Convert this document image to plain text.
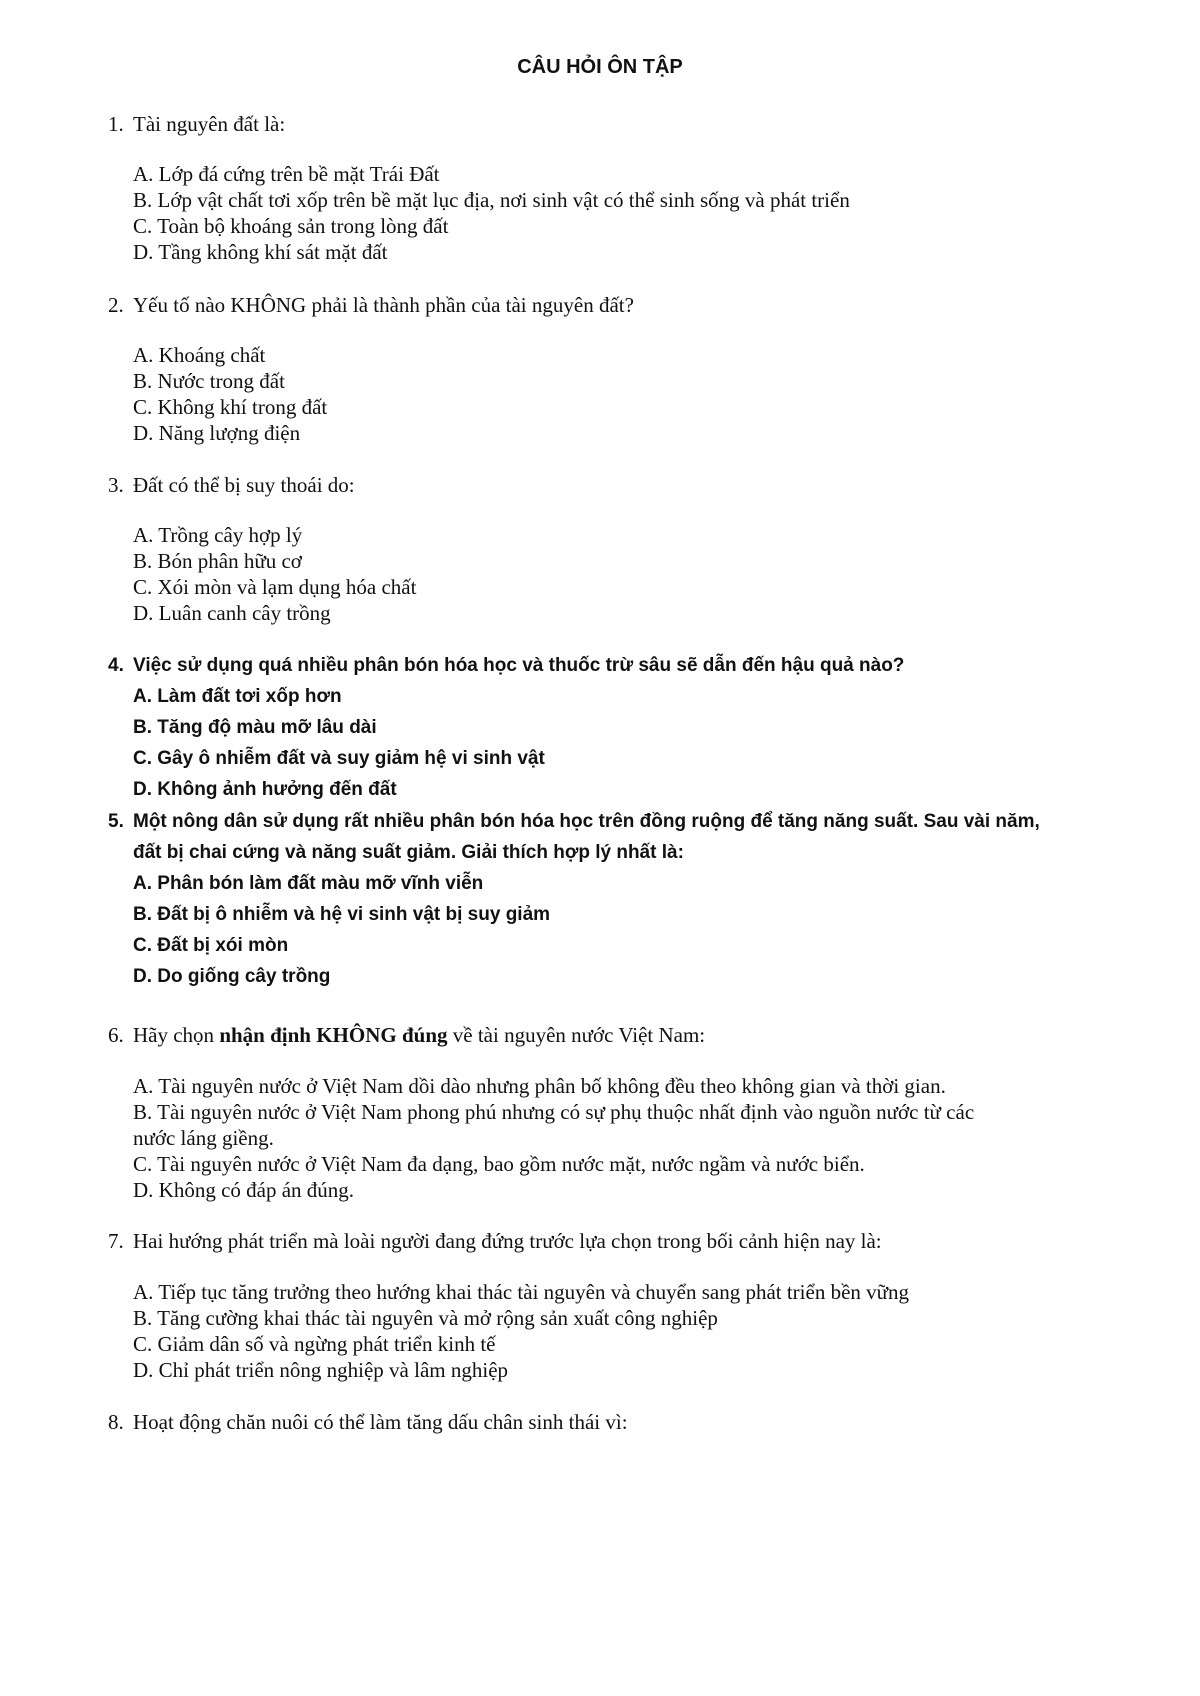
CÂU HỎI ÔN TẬP
1. Tài nguyên đất là:
A. Lớp đá cứng trên bề mặt Trái Đất
B. Lớp vật chất tơi xốp trên bề mặt lục địa, nơi sinh vật có thể sinh sống và phát triển
C. Toàn bộ khoáng sản trong lòng đất
D. Tầng không khí sát mặt đất
2. Yếu tố nào KHÔNG phải là thành phần của tài nguyên đất?
A. Khoáng chất
B. Nước trong đất
C. Không khí trong đất
D. Năng lượng điện
3. Đất có thể bị suy thoái do:
A. Trồng cây hợp lý
B. Bón phân hữu cơ
C. Xói mòn và lạm dụng hóa chất
D. Luân canh cây trồng
4. Việc sử dụng quá nhiều phân bón hóa học và thuốc trừ sâu sẽ dẫn đến hậu quả nào?
A. Làm đất tơi xốp hơn
B. Tăng độ màu mỡ lâu dài
C. Gây ô nhiễm đất và suy giảm hệ vi sinh vật
D. Không ảnh hưởng đến đất
5. Một nông dân sử dụng rất nhiều phân bón hóa học trên đồng ruộng để tăng năng suất. Sau vài năm,
đất bị chai cứng và năng suất giảm. Giải thích hợp lý nhất là:
A. Phân bón làm đất màu mỡ vĩnh viễn
B. Đất bị ô nhiễm và hệ vi sinh vật bị suy giảm
C. Đất bị xói mòn
D. Do giống cây trồng
6. Hãy chọn nhận định KHÔNG đúng về tài nguyên nước Việt Nam:
A. Tài nguyên nước ở Việt Nam dồi dào nhưng phân bố không đều theo không gian và thời gian.
B. Tài nguyên nước ở Việt Nam phong phú nhưng có sự phụ thuộc nhất định vào nguồn nước từ các
nước láng giềng.
C. Tài nguyên nước ở Việt Nam đa dạng, bao gồm nước mặt, nước ngầm và nước biển.
D. Không có đáp án đúng.
7. Hai hướng phát triển mà loài người đang đứng trước lựa chọn trong bối cảnh hiện nay là:
A. Tiếp tục tăng trưởng theo hướng khai thác tài nguyên và chuyển sang phát triển bền vững
B. Tăng cường khai thác tài nguyên và mở rộng sản xuất công nghiệp
C. Giảm dân số và ngừng phát triển kinh tế
D. Chỉ phát triển nông nghiệp và lâm nghiệp
8. Hoạt động chăn nuôi có thể làm tăng dấu chân sinh thái vì:
